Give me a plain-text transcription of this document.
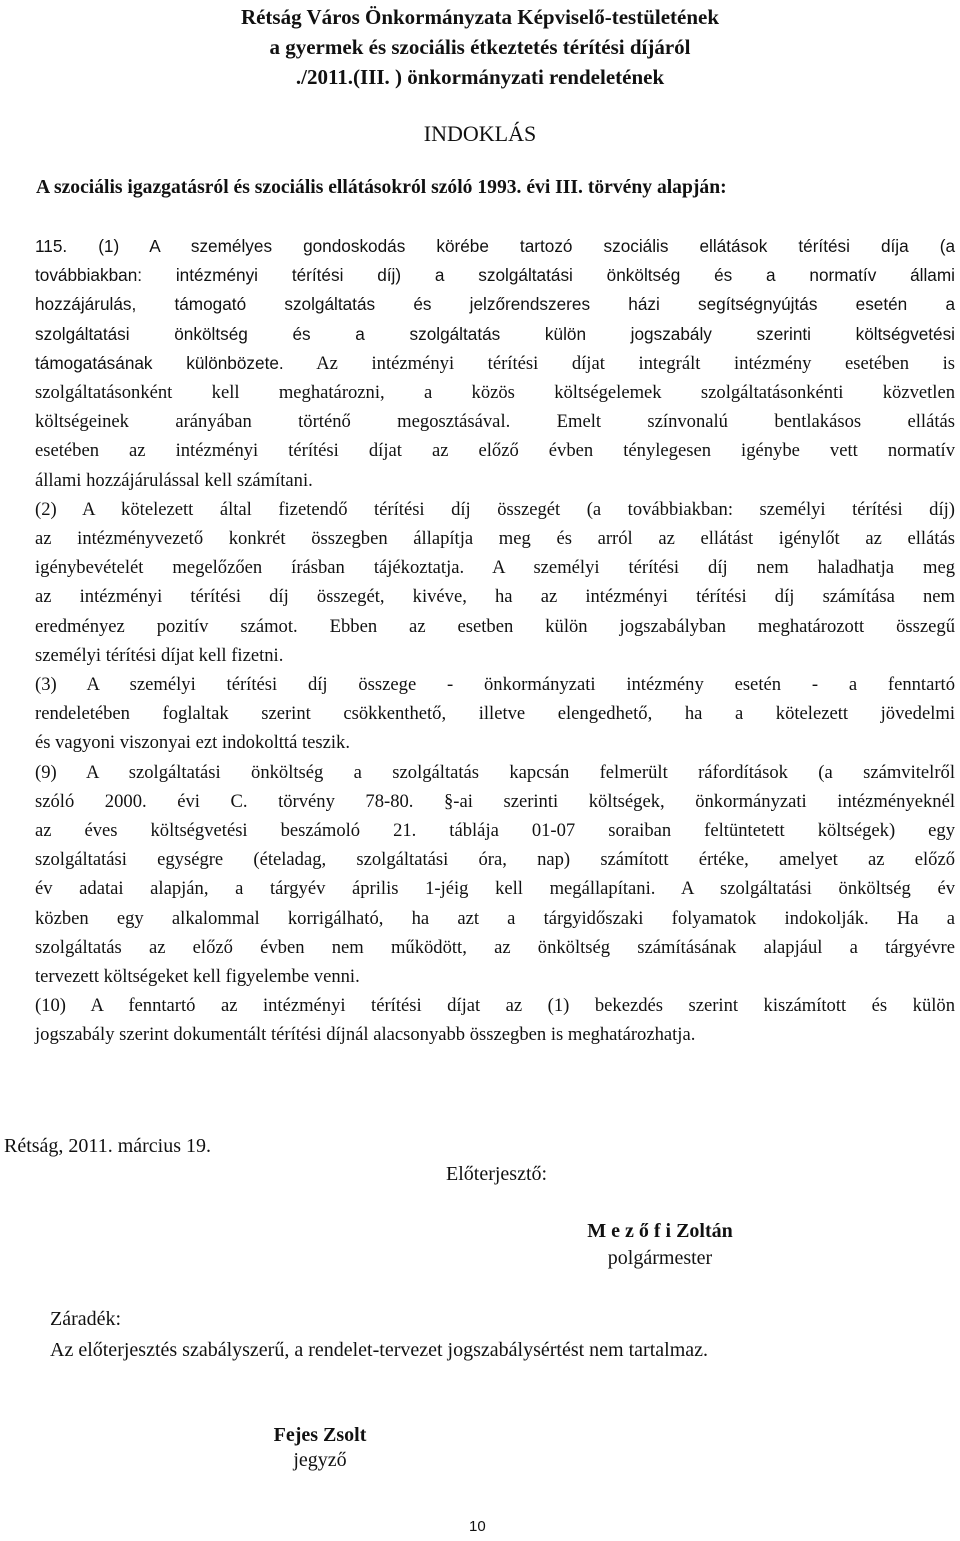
Rétság Város Önkormányzata Képviselő-testületének
a gyermek és szociális étkeztetés térítési díjáról
./2011.(III. ) önkormányzati rendeletének
INDOKLÁS
A szociális igazgatásról és szociális ellátásokról szóló 1993. évi III. törvény alapján:
115. (1) A személyes gondoskodás körébe tartozó szociális ellátások térítési díja (a
továbbiakban: intézményi térítési díj) a szolgáltatási önköltség és a normatív állami
hozzájárulás, támogató szolgáltatás és jelzőrendszeres házi segítségnyújtás esetén a
szolgáltatási önköltség és a szolgáltatás külön jogszabály szerinti költségvetési
támogatásának különbözete. Az intézményi térítési díjat integrált intézmény esetében is
szolgáltatásonként kell meghatározni, a közös költségelemek szolgáltatásonkénti közvetlen
költségeinek arányában történő megosztásával. Emelt színvonalú bentlakásos ellátás
esetében az intézményi térítési díjat az előző évben ténylegesen igénybe vett normatív
állami hozzájárulással kell számítani.
(2) A kötelezett által fizetendő térítési díj összegét (a továbbiakban: személyi térítési díj)
az intézményvezető konkrét összegben állapítja meg és arról az ellátást igénylőt az ellátás
igénybevételét megelőzően írásban tájékoztatja. A személyi térítési díj nem haladhatja meg
az intézményi térítési díj összegét, kivéve, ha az intézményi térítési díj számítása nem
eredményez pozitív számot. Ebben az esetben külön jogszabályban meghatározott összegű
személyi térítési díjat kell fizetni.
(3) A személyi térítési díj összege - önkormányzati intézmény esetén - a fenntartó
rendeletében foglaltak szerint csökkenthető, illetve elengedhető, ha a kötelezett jövedelmi
és vagyoni viszonyai ezt indokolttá teszik.
(9) A szolgáltatási önköltség a szolgáltatás kapcsán felmerült ráfordítások (a számvitelről
szóló 2000. évi C. törvény 78-80. §-ai szerinti költségek, önkormányzati intézményeknél
az éves költségvetési beszámoló 21. táblája 01-07 soraiban feltüntetett költségek) egy
szolgáltatási egységre (ételadag, szolgáltatási óra, nap) számított értéke, amelyet az előző
év adatai alapján, a tárgyév április 1-jéig kell megállapítani. A szolgáltatási önköltség év
közben egy alkalommal korrigálható, ha azt a tárgyidőszaki folyamatok indokolják. Ha a
szolgáltatás az előző évben nem működött, az önköltség számításának alapjául a tárgyévre
tervezett költségeket kell figyelembe venni.
(10) A fenntartó az intézményi térítési díjat az (1) bekezdés szerint kiszámított és külön
jogszabály szerint dokumentált térítési díjnál alacsonyabb összegben is meghatározhatja.
Rétság, 2011. március 19.
Előterjesztő:
M e z ő f i Zoltán
polgármester
Záradék:
Az előterjesztés szabályszerű, a rendelet-tervezet jogszabálysértést nem tartalmaz.
Fejes Zsolt
jegyző
10
